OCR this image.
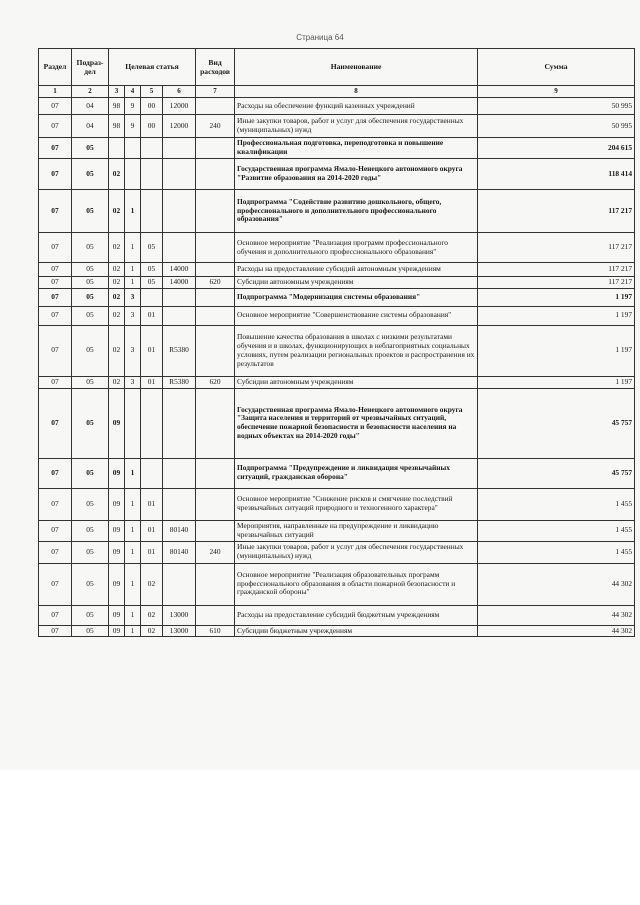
Страница 64
Раздел	Подраз-дел	Целевая статья				Вид расходов	Наименование	Сумма
1	2	3	4	5	6	7	8	9
07	04	98	9	00	12000		Расходы на обеспечение функций казенных учреждений	50 995
07	04	98	9	00	12000	240	Иные закупки товаров, работ и услуг для обеспечения государственных (муниципальных) нужд	50 995
07	05						Профессиональная подготовка, переподготовка и повышение квалификации	204 615
07	05	02					Государственная программа Ямало-Ненецкого автономного округа "Развитие образования на 2014-2020 годы"	118 414
07	05	02	1				Подпрограмма "Содействие развитию дошкольного, общего, профессионального и дополнительного профессионального образования"	117 217
07	05	02	1	05			Основное мероприятие "Реализация программ профессионального обучения и дополнительного профессионального образования"	117 217
07	05	02	1	05	14000		Расходы на предоставление субсидий автономным учреждениям	117 217
07	05	02	1	05	14000	620	Субсидии автономным учреждениям	117 217
07	05	02	3				Подпрограмма "Модернизация системы образования"	1 197
07	05	02	3	01			Основное мероприятие "Совершенствование системы образования"	1 197
07	05	02	3	01	R5380		Повышение качества образования в школах с низкими результатами обучения и в школах, функционирующих в неблагоприятных социальных условиях, путем реализации региональных проектов и распространения их результатов	1 197
07	05	02	3	01	R5380	620	Субсидии автономным учреждениям	1 197
07	05	09					Государственная программа Ямало-Ненецкого автономного округа "Защита населения и территорий от чрезвычайных ситуаций, обеспечение пожарной безопасности и безопасности населения на водных объектах на 2014-2020 годы"	45 757
07	05	09	1				Подпрограмма "Предупреждение и ликвидация чрезвычайных ситуаций, гражданская оборона"	45 757
07	05	09	1	01			Основное мероприятие "Снижение рисков и смягчение последствий чрезвычайных ситуаций природного и техногенного характера"	1 455
07	05	09	1	01	80140		Мероприятия, направленные на предупреждение и ликвидацию чрезвычайных ситуаций	1 455
07	05	09	1	01	80140	240	Иные закупки товаров, работ и услуг для обеспечения государственных (муниципальных) нужд	1 455
07	05	09	1	02			Основное мероприятие "Реализация образовательных программ профессионального образования в области пожарной безопасности и гражданской обороны"	44 302
07	05	09	1	02	13000		Расходы на предоставление субсидий бюджетным учреждениям	44 302
07	05	09	1	02	13000	610	Субсидии бюджетным учреждениям	44 302
